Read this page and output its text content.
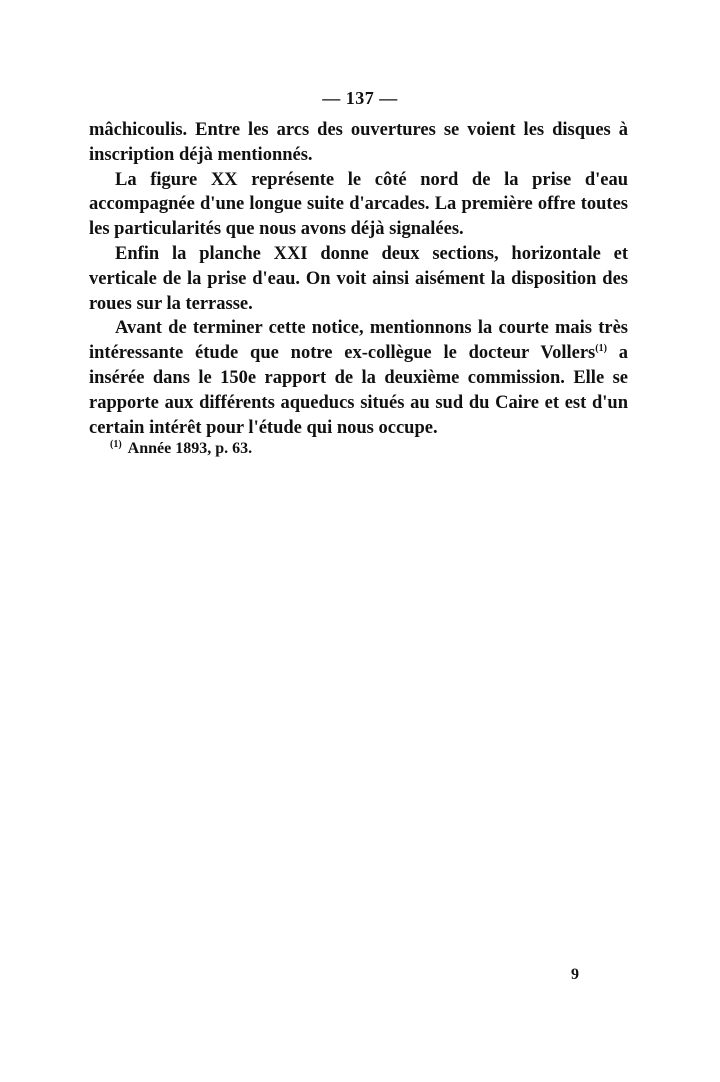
— 137 —

mâchicoulis. Entre les arcs des ouvertures se voient les disques à inscription déjà mentionnés.

La figure XX représente le côté nord de la prise d'eau accompagnée d'une longue suite d'arcades. La première offre toutes les particularités que nous avons déjà signalées.

Enfin la planche XXI donne deux sections, horizontale et verticale de la prise d'eau. On voit ainsi aisément la disposition des roues sur la terrasse.

Avant de terminer cette notice, mentionnons la courte mais très intéressante étude que notre ex-collègue le docteur Vollers$^{(1)}$ a insérée dans le 150e rapport de la deuxième commission. Elle se rapporte aux différents aqueducs situés au sud du Caire et est d'un certain intérêt pour l'étude qui nous occupe.

$^{(1)}$ Année 1893, p. 63.
9
